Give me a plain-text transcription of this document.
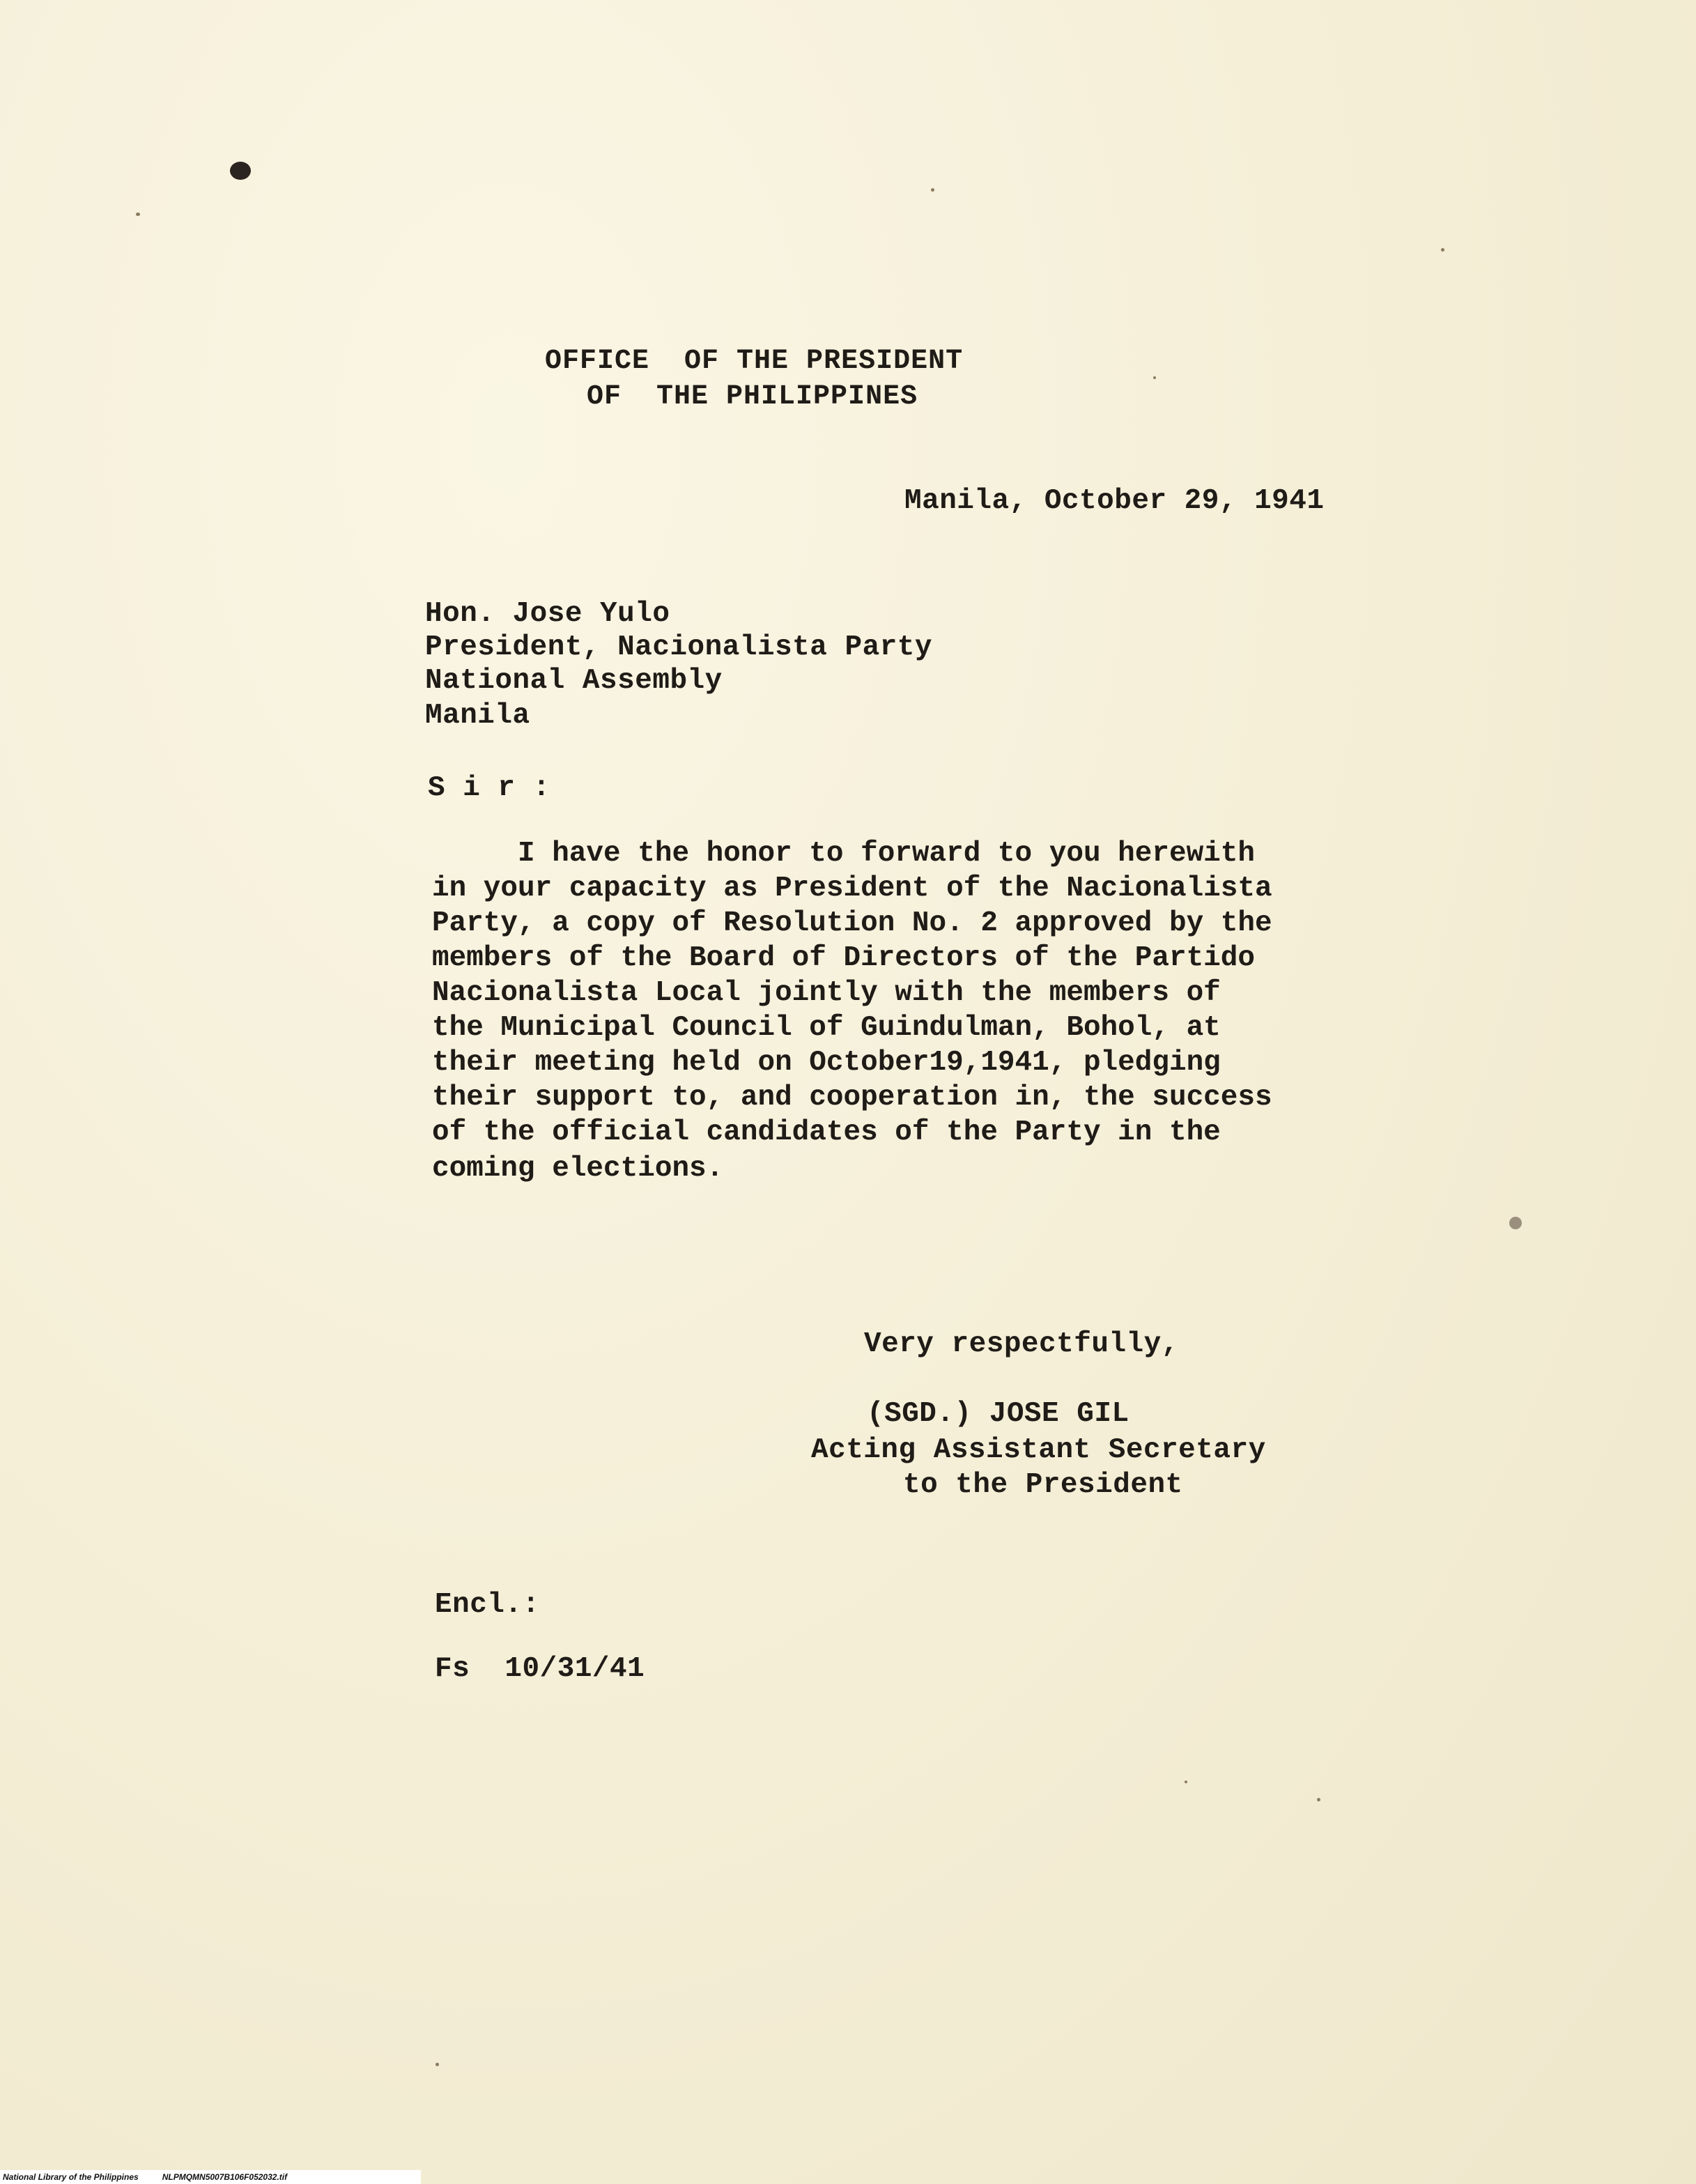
OFFICE  OF THE PRESIDENT
OF  THE PHILIPPINES
Manila, October 29, 1941
Hon. Jose Yulo
President, Nacionalista Party
National Assembly
Manila
S i r :
I have the honor to forward to you herewith
in your capacity as President of the Nacionalista
Party, a copy of Resolution No. 2 approved by the
members of the Board of Directors of the Partido
Nacionalista Local jointly with the members of
the Municipal Council of Guindulman, Bohol, at
their meeting held on October19,1941, pledging
their support to, and cooperation in, the success
of the official candidates of the Party in the
coming elections.
Very respectfully,
(SGD.) JOSE GIL
Acting Assistant Secretary
to the President
Encl.:
Fs  10/31/41
National Library of the Philippines	NLPMQMN5007B106F052032.tif
